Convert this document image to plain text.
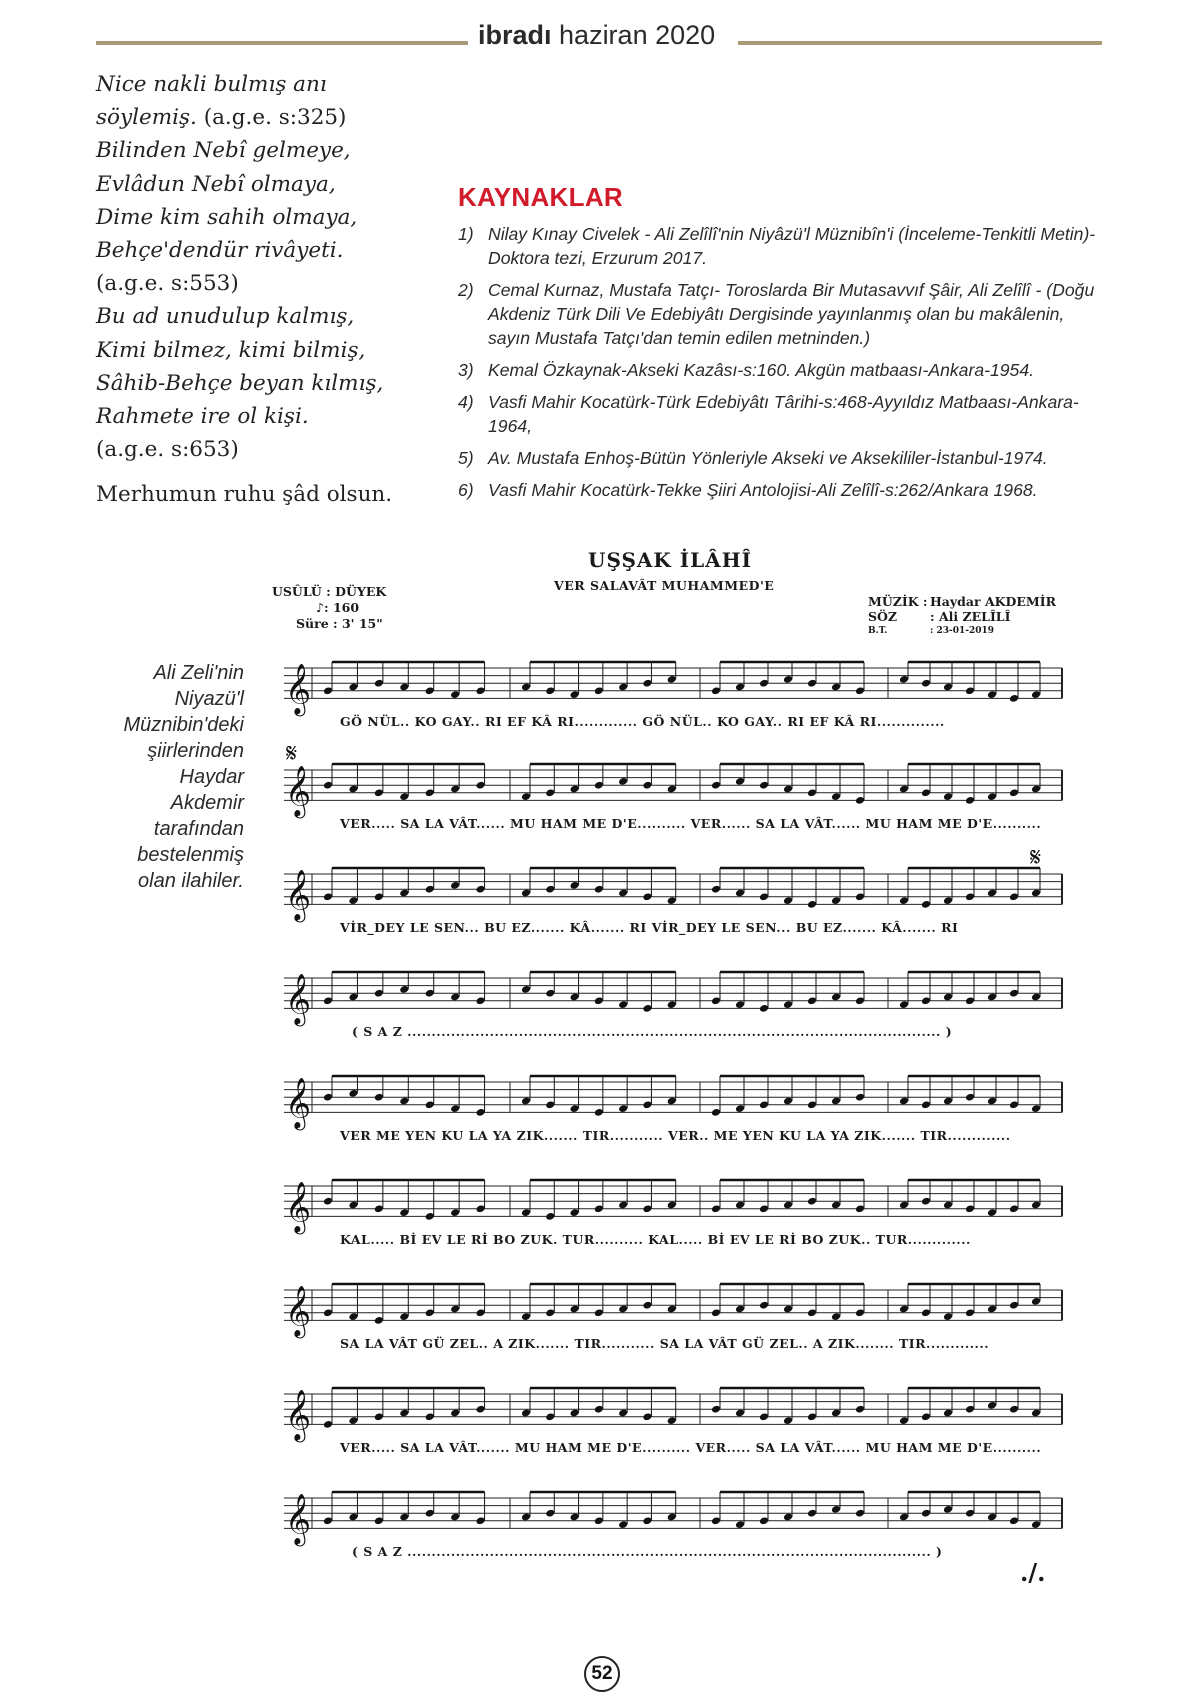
ibradı haziran 2020
Nice nakli bulmış anı
söylemiş. (a.g.e. s:325)
Bilinden Nebî gelmeye,
Evlâdun Nebî olmaya,
Dime kim sahih olmaya,
Behçe'dendür rivâyeti.
(a.g.e. s:553)
Bu ad unudulup kalmış,
Kimi bilmez, kimi bilmiş,
Sâhib-Behçe beyan kılmış,
Rahmete ire ol kişi.
(a.g.e. s:653)
Merhumun ruhu şâd olsun.
KAYNAKLAR
1) Nilay Kınay Civelek - Ali Zelîlî'nin Niyâzü'l Müznibîn'i (İnceleme-Tenkitli Metin)-Doktora tezi, Erzurum 2017.
2) Cemal Kurnaz, Mustafa Tatçı- Toroslarda Bir Mutasavvıf Şâir, Ali Zelîlî - (Doğu Akdeniz Türk Dili Ve Edebiyâtı Dergisinde yayınlanmış olan bu makâlenin, sayın Mustafa Tatçı'dan temin edilen metninden.)
3) Kemal Özkaynak-Akseki Kazâsı-s:160. Akgün matbaası-Ankara-1954.
4) Vasfi Mahir Kocatürk-Türk Edebiyâtı Târihi-s:468-Ayyıldız Matbaası-Ankara-1964,
5) Av. Mustafa Enhoş-Bütün Yönleriyle Akseki ve Aksekililer-İstanbul-1974.
6) Vasfi Mahir Kocatürk-Tekke Şiiri Antolojisi-Ali Zelîlî-s:262/Ankara 1968.
UŞŞAK İLÂHÎ
VER SALAVÂT MUHAMMED'E
USÛLÜ : DÜYEK
♪: 160
Süre : 3' 15"
MÜZİK : Haydar AKDEMİR
SÖZ	: Ali ZELÎLÎ
B.T.	: 23-01-2019
Ali Zeli'nin Niyazü'l Müznibin'deki şiirlerinden Haydar Akdemir tarafından bestelenmiş olan ilahiler.
𝄞
𝄞
𝄞
𝄞
𝄞
𝄞
𝄞
𝄞
𝄞
𝄋
𝄋
GÖ NÜL.. KO GAY.. RI EF KÂ RI............. GÖ NÜL.. KO GAY.. RI EF KÂ RI..............
VER..... SA LA VÂT...... MU HAM ME D'E.......... VER...... SA LA VÂT...... MU HAM ME D'E..........
VİR_DEY LE SEN... BU EZ....... KÂ....... RI VİR_DEY LE SEN... BU EZ....... KÂ....... RI
( S A Z .............................................................................................................. )
VER ME YEN KU LA YA ZIK....... TIR........... VER.. ME YEN KU LA YA ZIK....... TIR.............
KAL..... Bİ EV LE Rİ BO ZUK. TUR.......... KAL..... Bİ EV LE Rİ BO ZUK.. TUR.............
SA LA VÂT GÜ ZEL.. A ZIK....... TIR........... SA LA VÂT GÜ ZEL.. A ZIK........ TIR.............
VER..... SA LA VÂT....... MU HAM ME D'E.......... VER..... SA LA VÂT...... MU HAM ME D'E..........
( S A Z ............................................................................................................ )
./.
52
